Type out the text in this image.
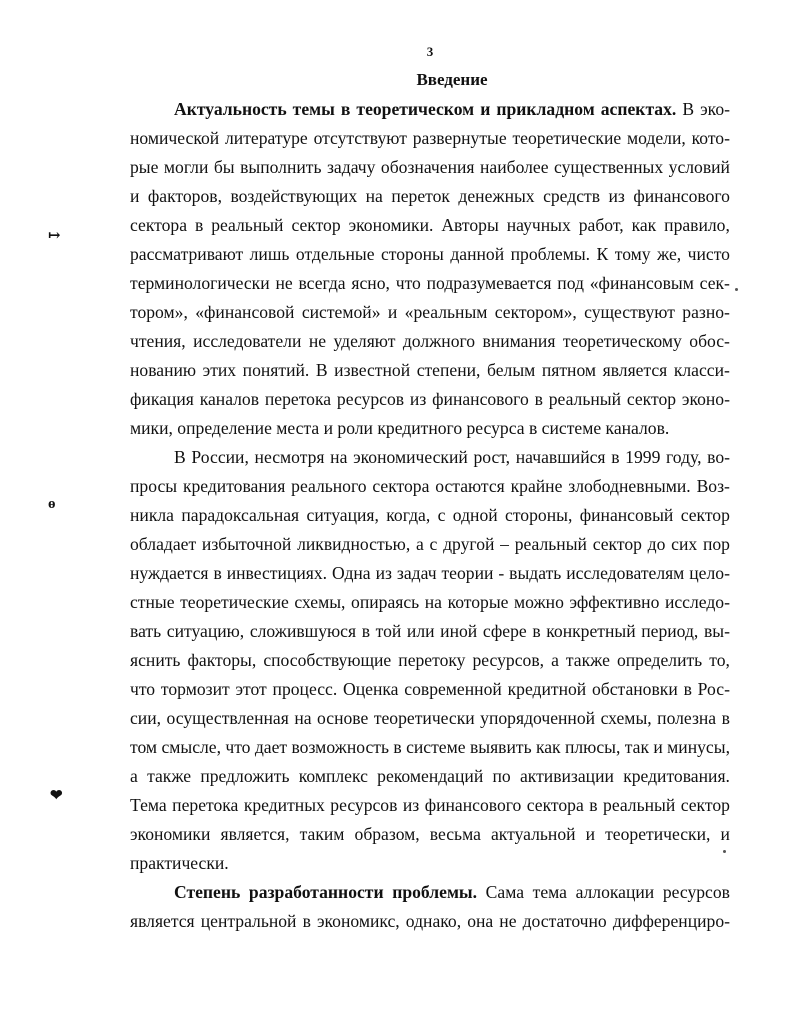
3
Введение
Актуальность темы в теоретическом и прикладном аспектах. В эко-
номической литературе отсутствуют развернутые теоретические модели, кото-
рые могли бы выполнить задачу обозначения наиболее существенных условий
и факторов, воздействующих на переток денежных средств из финансового
сектора в реальный сектор экономики. Авторы научных работ, как правило,
рассматривают лишь отдельные стороны данной проблемы. К тому же, чисто
терминологически не всегда ясно, что подразумевается под «финансовым сек-
тором», «финансовой системой» и «реальным сектором», существуют разно-
чтения, исследователи не уделяют должного внимания теоретическому обос-
нованию этих понятий. В известной степени, белым пятном является класси-
фикация каналов перетока ресурсов из финансового в реальный сектор эконо-
мики, определение места и роли кредитного ресурса в системе каналов.
В России, несмотря на экономический рост, начавшийся в 1999 году, во-
просы кредитования реального сектора остаются крайне злободневными. Воз-
никла парадоксальная ситуация, когда, с одной стороны, финансовый сектор
обладает избыточной ликвидностью, а с другой – реальный сектор до сих пор
нуждается в инвестициях. Одна из задач теории - выдать исследователям цело-
стные теоретические схемы, опираясь на которые можно эффективно исследо-
вать ситуацию, сложившуюся в той или иной сфере в конкретный период, вы-
яснить факторы, способствующие перетоку ресурсов, а также определить то,
что тормозит этот процесс. Оценка современной кредитной обстановки в Рос-
сии, осуществленная на основе теоретически упорядоченной схемы, полезна в
том смысле, что дает возможность в системе выявить как плюсы, так и минусы,
а также предложить комплекс рекомендаций по активизации кредитования.
Тема перетока кредитных ресурсов из финансового сектора в реальный сектор
экономики является, таким образом, весьма актуальной и теоретически, и
практически.
Степень разработанности проблемы. Сама тема аллокации ресурсов
является центральной в экономикс, однако, она не достаточно дифференциро-
↦
ɵ
❤
